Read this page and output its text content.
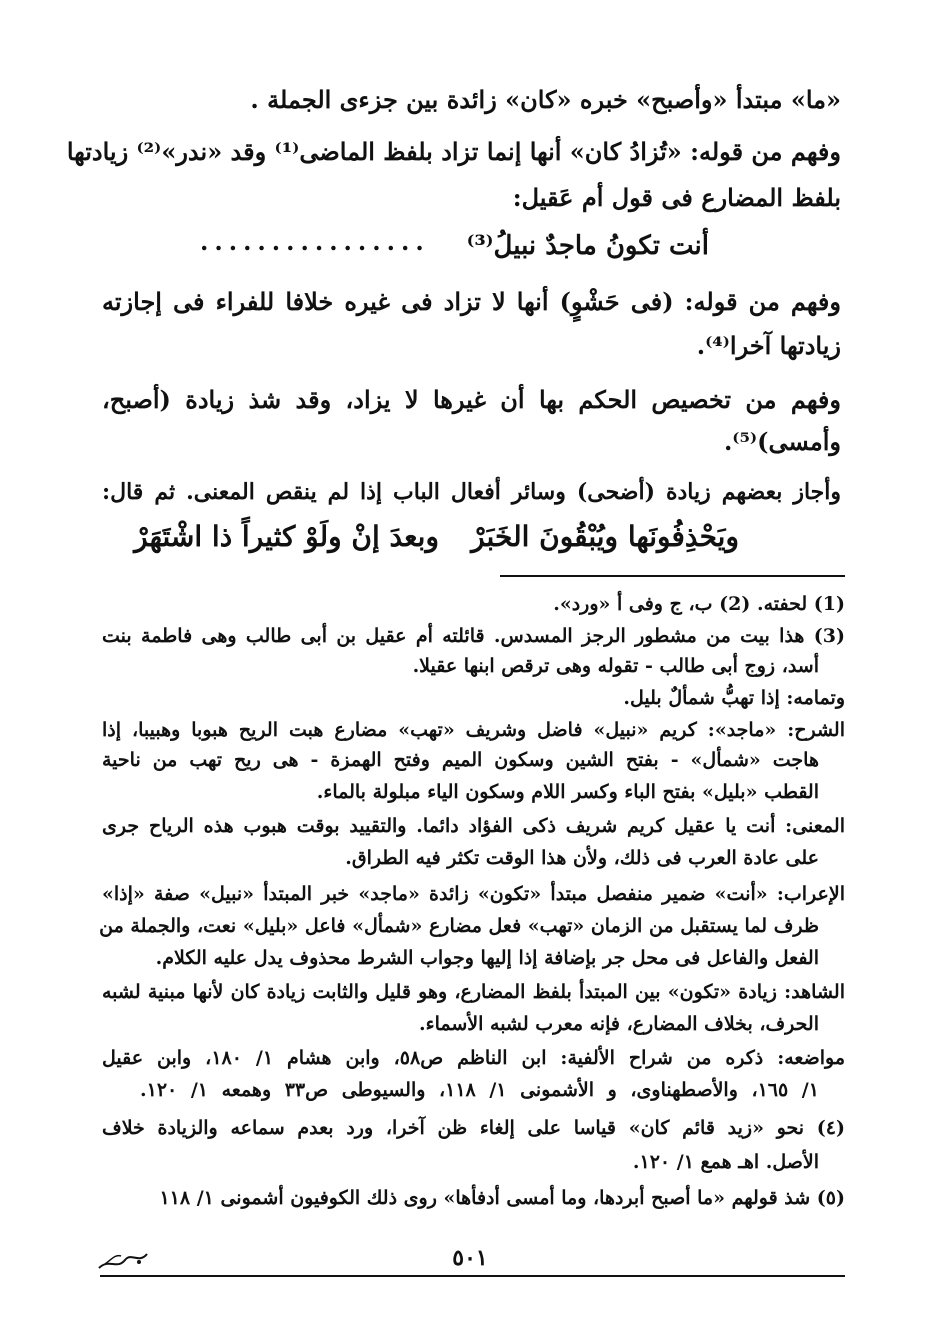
«ما» مبتدأ «وأصبح» خبره «كان» زائدة بين جزءى الجملة .
وفهم من قوله: «تُزادُ كان» أنها إنما تزاد بلفظ الماضى⁽¹⁾ وقد «ندر»⁽²⁾ زيادتها
بلفظ المضارع فى قول أم عَقيل:
أنت تكونُ ماجدٌ نبيلُ⁽³⁾
................
وفهم من قوله: (فى حَشْوٍ) أنها لا تزاد فى غيره خلافا للفراء فى إجازته
زيادتها آخرا⁽⁴⁾.
وفهم من تخصيص الحكم بها أن غيرها لا يزاد، وقد شذ زيادة (أصبح،
وأمسى)⁽⁵⁾.
وأجاز بعضهم زيادة (أضحى) وسائر أفعال الباب إذا لم ينقص المعنى. ثم قال:
ويَحْذِفُونَها ويُبْقُونَ الخَبَرْ
وبعدَ إنْ ولَوْ كثيراً ذا اشْتَهَرْ
(1) لحفته. (2) ب، ج وفى أ «ورد».
(3) هذا بيت من مشطور الرجز المسدس. قائلته أم عقيل بن أبى طالب وهى فاطمة بنت
أسد، زوج أبى طالب - تقوله وهى ترقص ابنها عقيلا.
وتمامه: إذا تهبُّ شمألٌ بليل.
الشرح: «ماجد»: كريم «نبيل» فاضل وشريف «تهب» مضارع هبت الريح هبوبا وهبيبا، إذا
هاجت «شمأل» - بفتح الشين وسكون الميم وفتح الهمزة - هى ريح تهب من ناحية
القطب «بليل» بفتح الباء وكسر اللام وسكون الياء مبلولة بالماء.
المعنى: أنت يا عقيل كريم شريف ذكى الفؤاد دائما. والتقييد بوقت هبوب هذه الرياح جرى
على عادة العرب فى ذلك، ولأن هذا الوقت تكثر فيه الطراق.
الإعراب: «أنت» ضمير منفصل مبتدأ «تكون» زائدة «ماجد» خبر المبتدأ «نبيل» صفة «إذا»
ظرف لما يستقبل من الزمان «تهب» فعل مضارع «شمأل» فاعل «بليل» نعت، والجملة من
الفعل والفاعل فى محل جر بإضافة إذا إليها وجواب الشرط محذوف يدل عليه الكلام.
الشاهد: زيادة «تكون» بين المبتدأ بلفظ المضارع، وهو قليل والثابت زيادة كان لأنها مبنية لشبه
الحرف، بخلاف المضارع، فإنه معرب لشبه الأسماء.
مواضعه: ذكره من شراح الألفية: ابن الناظم ص٥٨، وابن هشام ١/ ١٨٠، وابن عقيل
١/ ١٦٥، والأصطهناوى، و الأشمونى ١/ ١١٨، والسيوطى ص٣٣ وهمعه ١/ ١٢٠.
(٤) نحو «زيد قائم كان» قياسا على إلغاء ظن آخرا، ورد بعدم سماعه والزيادة خلاف
الأصل. اهـ همع ١/ ١٢٠.
(٥) شذ قولهم «ما أصبح أبردها، وما أمسى أدفأها» روى ذلك الكوفيون أشمونى ١/ ١١٨
٥٠١
